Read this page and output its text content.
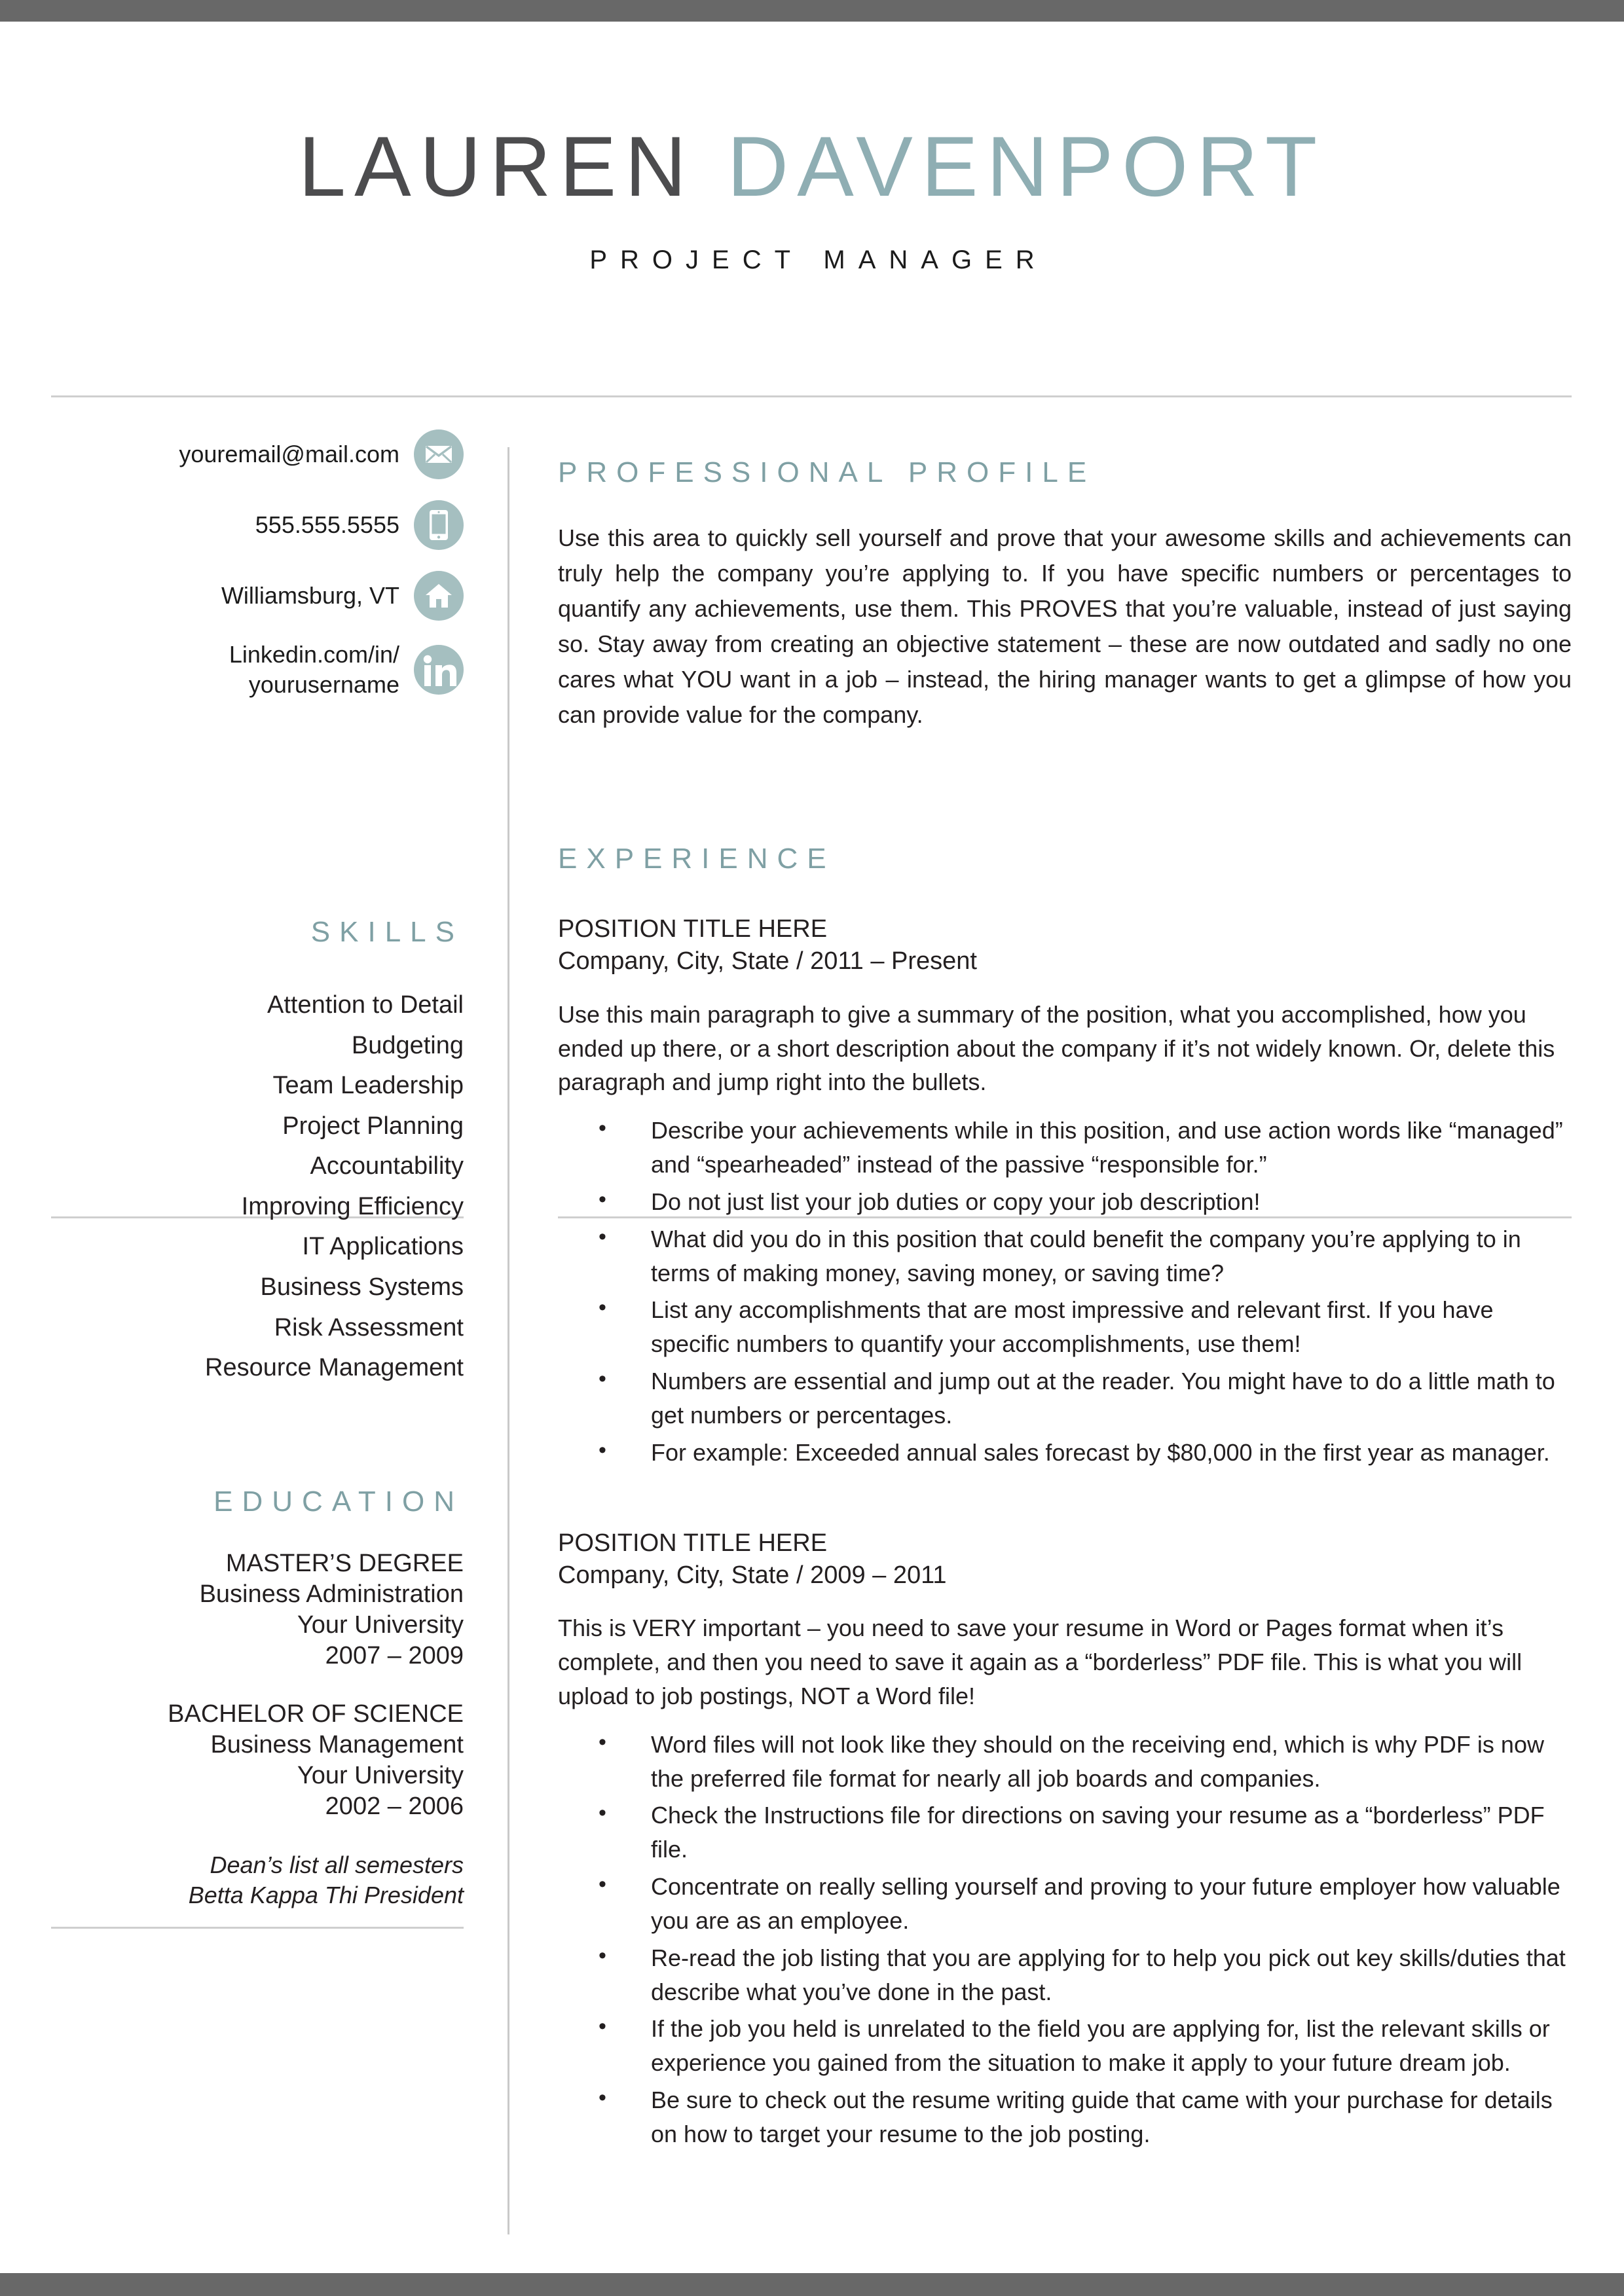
LAUREN DAVENPORT
PROJECT MANAGER
youremail@mail.com
555.555.5555
Williamsburg, VT
Linkedin.com/in/ yourusername
SKILLS
Attention to Detail
Budgeting
Team Leadership
Project Planning
Accountability
Improving Efficiency
IT Applications
Business Systems
Risk Assessment
Resource Management
EDUCATION
MASTER’S DEGREE
Business Administration
Your University
2007 – 2009
BACHELOR OF SCIENCE
Business Management
Your University
2002 – 2006
Dean’s list all semesters
Betta Kappa Thi President
PROFESSIONAL PROFILE
Use this area to quickly sell yourself and prove that your awesome skills and achievements can truly help the company you’re applying to. If you have specific numbers or percentages to quantify any achievements, use them. This PROVES that you’re valuable, instead of just saying so. Stay away from creating an objective statement – these are now outdated and sadly no one cares what YOU want in a job – instead, the hiring manager wants to get a glimpse of how you can provide value for the company.
EXPERIENCE
POSITION TITLE HERE
Company, City, State / 2011 – Present
Use this main paragraph to give a summary of the position, what you accomplished, how you ended up there, or a short description about the company if it’s not widely known. Or, delete this paragraph and jump right into the bullets.
• Describe your achievements while in this position, and use action words like “managed” and “spearheaded” instead of the passive “responsible for.”
• Do not just list your job duties or copy your job description!
• What did you do in this position that could benefit the company you’re applying to in terms of making money, saving money, or saving time?
• List any accomplishments that are most impressive and relevant first. If you have specific numbers to quantify your accomplishments, use them!
• Numbers are essential and jump out at the reader. You might have to do a little math to get numbers or percentages.
• For example: Exceeded annual sales forecast by $80,000 in the first year as manager.
POSITION TITLE HERE
Company, City, State / 2009 – 2011
This is VERY important – you need to save your resume in Word or Pages format when it’s complete, and then you need to save it again as a “borderless” PDF file. This is what you will upload to job postings, NOT a Word file!
• Word files will not look like they should on the receiving end, which is why PDF is now the preferred file format for nearly all job boards and companies.
• Check the Instructions file for directions on saving your resume as a “borderless” PDF file.
• Concentrate on really selling yourself and proving to your future employer how valuable you are as an employee.
• Re-read the job listing that you are applying for to help you pick out key skills/duties that describe what you’ve done in the past.
• If the job you held is unrelated to the field you are applying for, list the relevant skills or experience you gained from the situation to make it apply to your future dream job.
• Be sure to check out the resume writing guide that came with your purchase for details on how to target your resume to the job posting.
